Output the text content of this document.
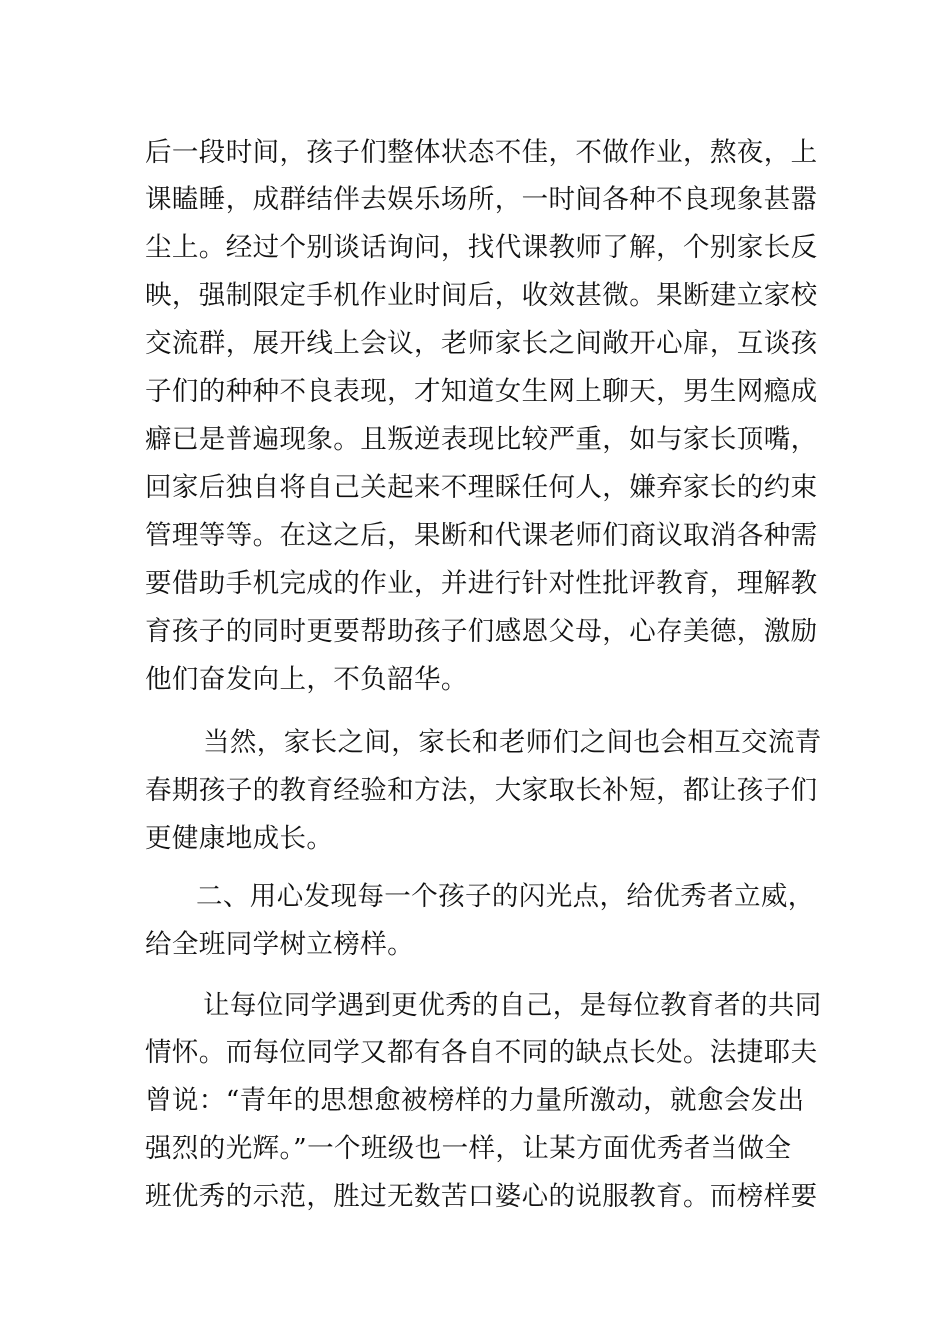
后一段时间，孩子们整体状态不佳，不做作业，熬夜，上
课瞌睡，成群结伴去娱乐场所，一时间各种不良现象甚嚣
尘上。经过个别谈话询问，找代课教师了解，个别家长反
映，强制限定手机作业时间后，收效甚微。果断建立家校
交流群，展开线上会议，老师家长之间敞开心扉，互谈孩
子们的种种不良表现，才知道女生网上聊天，男生网瘾成
癖已是普遍现象。且叛逆表现比较严重，如与家长顶嘴，
回家后独自将自己关起来不理睬任何人，嫌弃家长的约束
管理等等。在这之后，果断和代课老师们商议取消各种需
要借助手机完成的作业，并进行针对性批评教育，理解教
育孩子的同时更要帮助孩子们感恩父母，心存美德，激励
他们奋发向上，不负韶华。
当然，家长之间，家长和老师们之间也会相互交流青
春期孩子的教育经验和方法，大家取长补短，都让孩子们
更健康地成长。
二、用心发现每一个孩子的闪光点，给优秀者立威，
给全班同学树立榜样。
让每位同学遇到更优秀的自己，是每位教育者的共同
情怀。而每位同学又都有各自不同的缺点长处。法捷耶夫
曾说：“青年的思想愈被榜样的力量所激动，就愈会发出
强烈的光辉。”一个班级也一样，让某方面优秀者当做全
班优秀的示范，胜过无数苦口婆心的说服教育。而榜样要
